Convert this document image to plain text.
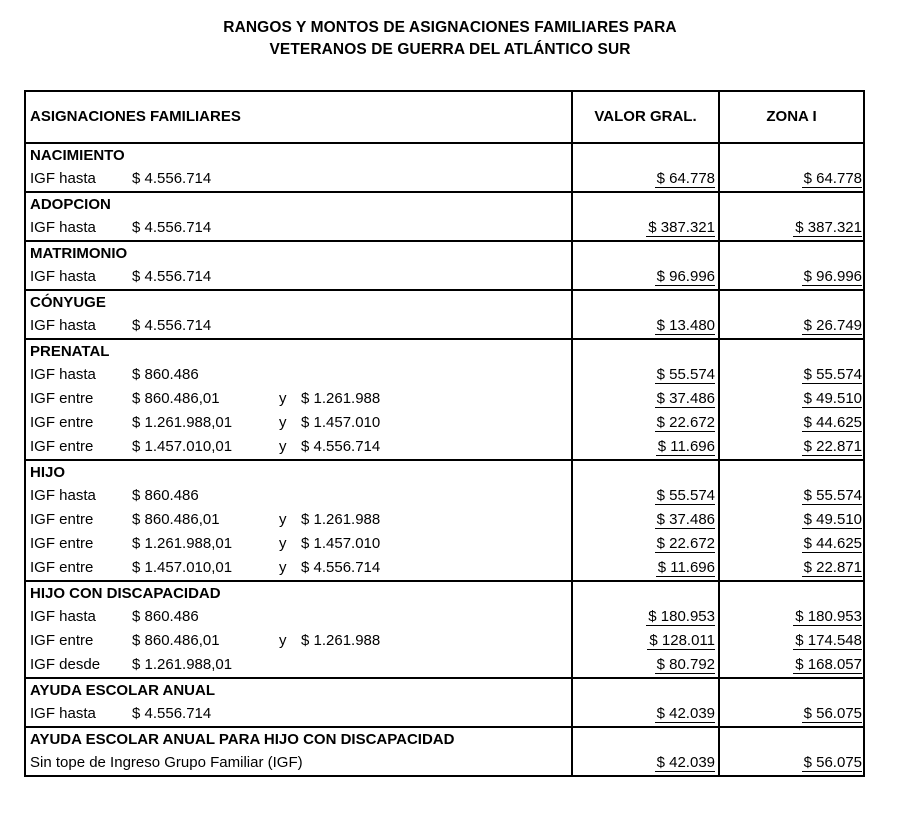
RANGOS Y MONTOS DE ASIGNACIONES FAMILIARES PARA
VETERANOS DE GUERRA DEL ATLÁNTICO SUR
ASIGNACIONES FAMILIARES	VALOR GRAL.	ZONA I
NACIMIENTO		
IGF hasta $ 4.556.714	$ 64.778	$ 64.778
ADOPCION		
IGF hasta $ 4.556.714	$ 387.321	$ 387.321
MATRIMONIO		
IGF hasta $ 4.556.714	$ 96.996	$ 96.996
CÓNYUGE		
IGF hasta $ 4.556.714	$ 13.480	$ 26.749
PRENATAL		
IGF hasta $ 860.486	$ 55.574	$ 55.574
IGF entre $ 860.486,01 y $ 1.261.988	$ 37.486	$ 49.510
IGF entre $ 1.261.988,01 y $ 1.457.010	$ 22.672	$ 44.625
IGF entre $ 1.457.010,01 y $ 4.556.714	$ 11.696	$ 22.871
HIJO		
IGF hasta $ 860.486	$ 55.574	$ 55.574
IGF entre $ 860.486,01 y $ 1.261.988	$ 37.486	$ 49.510
IGF entre $ 1.261.988,01 y $ 1.457.010	$ 22.672	$ 44.625
IGF entre $ 1.457.010,01 y $ 4.556.714	$ 11.696	$ 22.871
HIJO CON DISCAPACIDAD		
IGF hasta $ 860.486	$ 180.953	$ 180.953
IGF entre $ 860.486,01 y $ 1.261.988	$ 128.011	$ 174.548
IGF desde $ 1.261.988,01	$ 80.792	$ 168.057
AYUDA ESCOLAR ANUAL		
IGF hasta $ 4.556.714	$ 42.039	$ 56.075
AYUDA ESCOLAR ANUAL PARA HIJO CON DISCAPACIDAD		
Sin tope de Ingreso Grupo Familiar (IGF)	$ 42.039	$ 56.075
